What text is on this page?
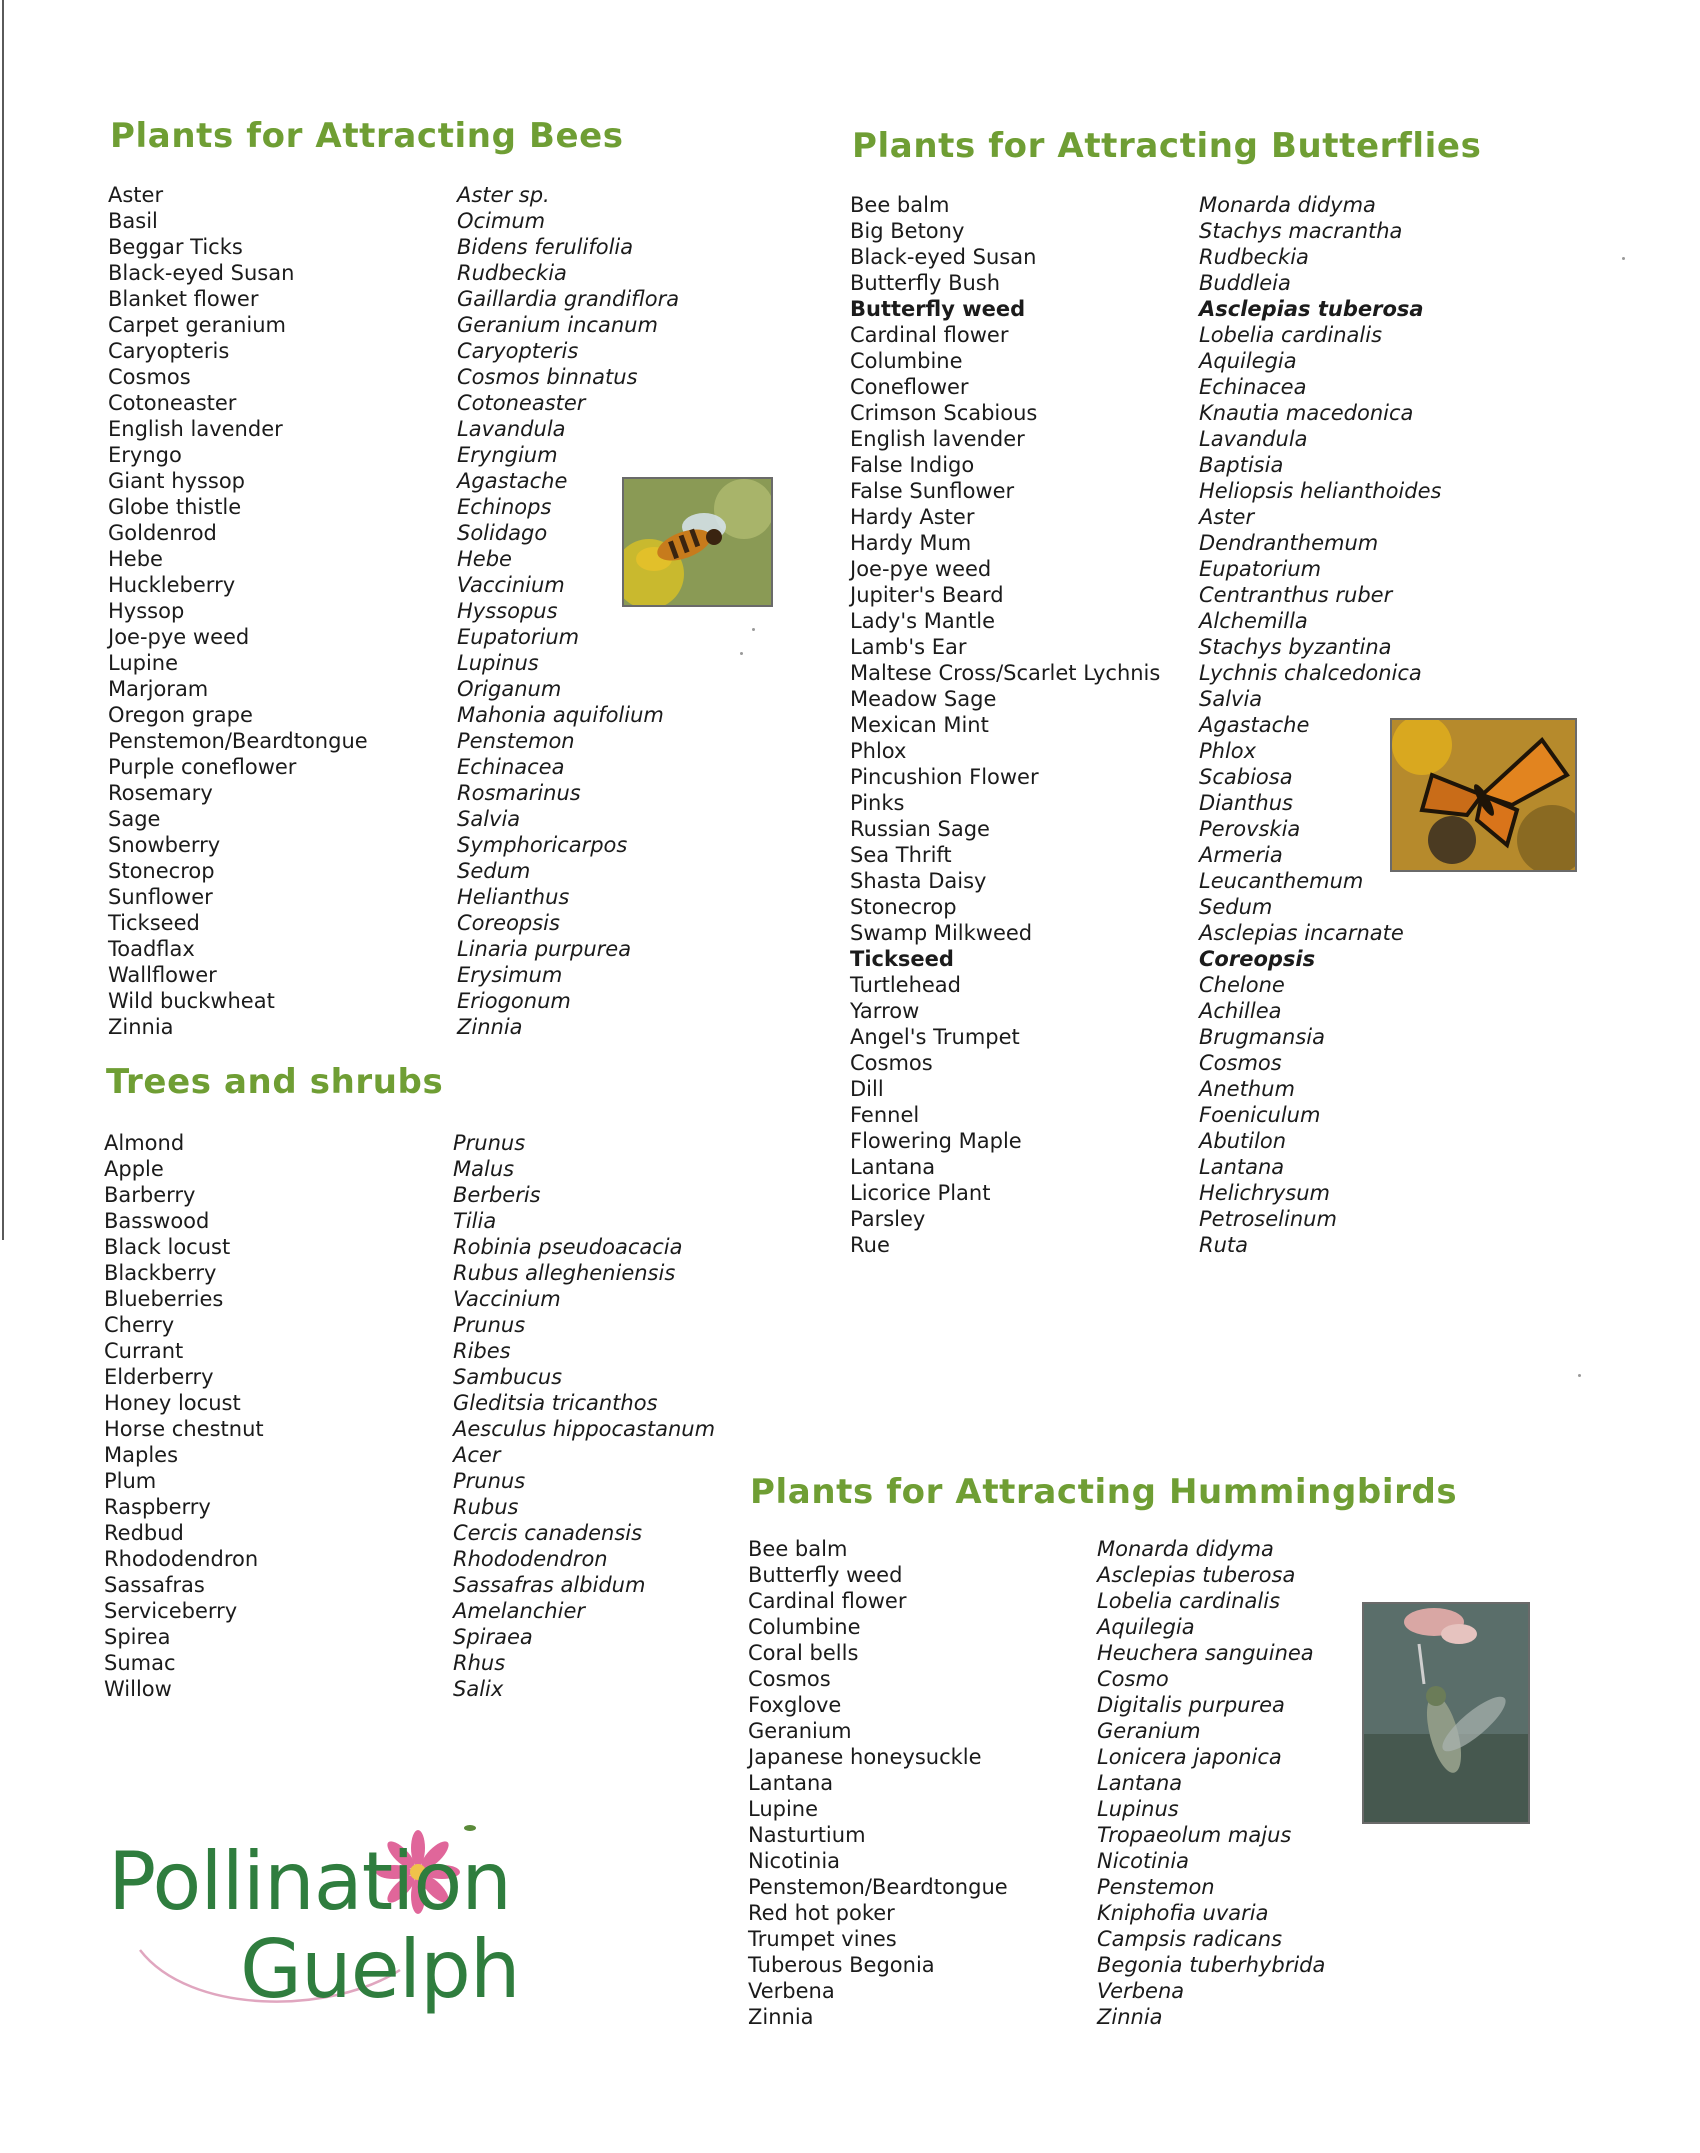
Plants for Attracting Bees
Aster
Basil
Beggar Ticks
Black-eyed Susan
Blanket flower
Carpet geranium
Caryopteris
Cosmos
Cotoneaster
English lavender
Eryngo
Giant hyssop
Globe thistle
Goldenrod
Hebe
Huckleberry
Hyssop
Joe-pye weed
Lupine
Marjoram
Oregon grape
Penstemon/Beardtongue
Purple coneflower
Rosemary
Sage
Snowberry
Stonecrop
Sunflower
Tickseed
Toadflax
Wallflower
Wild buckwheat
Zinnia
Aster sp.
Ocimum
Bidens ferulifolia
Rudbeckia
Gaillardia grandiflora
Geranium incanum
Caryopteris
Cosmos binnatus
Cotoneaster
Lavandula
Eryngium
Agastache
Echinops
Solidago
Hebe
Vaccinium
Hyssopus
Eupatorium
Lupinus
Origanum
Mahonia aquifolium
Penstemon
Echinacea
Rosmarinus
Salvia
Symphoricarpos
Sedum
Helianthus
Coreopsis
Linaria purpurea
Erysimum
Eriogonum
Zinnia
Trees and shrubs
Almond
Apple
Barberry
Basswood
Black locust
Blackberry
Blueberries
Cherry
Currant
Elderberry
Honey locust
Horse chestnut
Maples
Plum
Raspberry
Redbud
Rhododendron
Sassafras
Serviceberry
Spirea
Sumac
Willow
Prunus
Malus
Berberis
Tilia
Robinia pseudoacacia
Rubus allegheniensis
Vaccinium
Prunus
Ribes
Sambucus
Gleditsia tricanthos
Aesculus hippocastanum
Acer
Prunus
Rubus
Cercis canadensis
Rhododendron
Sassafras albidum
Amelanchier
Spiraea
Rhus
Salix
Plants for Attracting Butterflies
Bee balm
Big Betony
Black-eyed Susan
Butterfly Bush
Butterfly weed
Cardinal flower
Columbine
Coneflower
Crimson Scabious
English lavender
False Indigo
False Sunflower
Hardy Aster
Hardy Mum
Joe-pye weed
Jupiter's Beard
Lady's Mantle
Lamb's Ear
Maltese Cross/Scarlet Lychnis
Meadow Sage
Mexican Mint
Phlox
Pincushion Flower
Pinks
Russian Sage
Sea Thrift
Shasta Daisy
Stonecrop
Swamp Milkweed
Tickseed
Turtlehead
Yarrow
Angel's Trumpet
Cosmos
Dill
Fennel
Flowering Maple
Lantana
Licorice Plant
Parsley
Rue
Monarda didyma
Stachys macrantha
Rudbeckia
Buddleia
Asclepias tuberosa
Lobelia cardinalis
Aquilegia
Echinacea
Knautia macedonica
Lavandula
Baptisia
Heliopsis helianthoides
Aster
Dendranthemum
Eupatorium
Centranthus ruber
Alchemilla
Stachys byzantina
Lychnis chalcedonica
Salvia
Agastache
Phlox
Scabiosa
Dianthus
Perovskia
Armeria
Leucanthemum
Sedum
Asclepias incarnate
Coreopsis
Chelone
Achillea
Brugmansia
Cosmos
Anethum
Foeniculum
Abutilon
Lantana
Helichrysum
Petroselinum
Ruta
Plants for Attracting Hummingbirds
Bee balm
Butterfly weed
Cardinal flower
Columbine
Coral bells
Cosmos
Foxglove
Geranium
Japanese honeysuckle
Lantana
Lupine
Nasturtium
Nicotinia
Penstemon/Beardtongue
Red hot poker
Trumpet vines
Tuberous Begonia
Verbena
Zinnia
Monarda didyma
Asclepias tuberosa
Lobelia cardinalis
Aquilegia
Heuchera sanguinea
Cosmo
Digitalis purpurea
Geranium
Lonicera japonica
Lantana
Lupinus
Tropaeolum majus
Nicotinia
Penstemon
Kniphofia uvaria
Campsis radicans
Begonia tuberhybrida
Verbena
Zinnia
Pollination
Guelph
